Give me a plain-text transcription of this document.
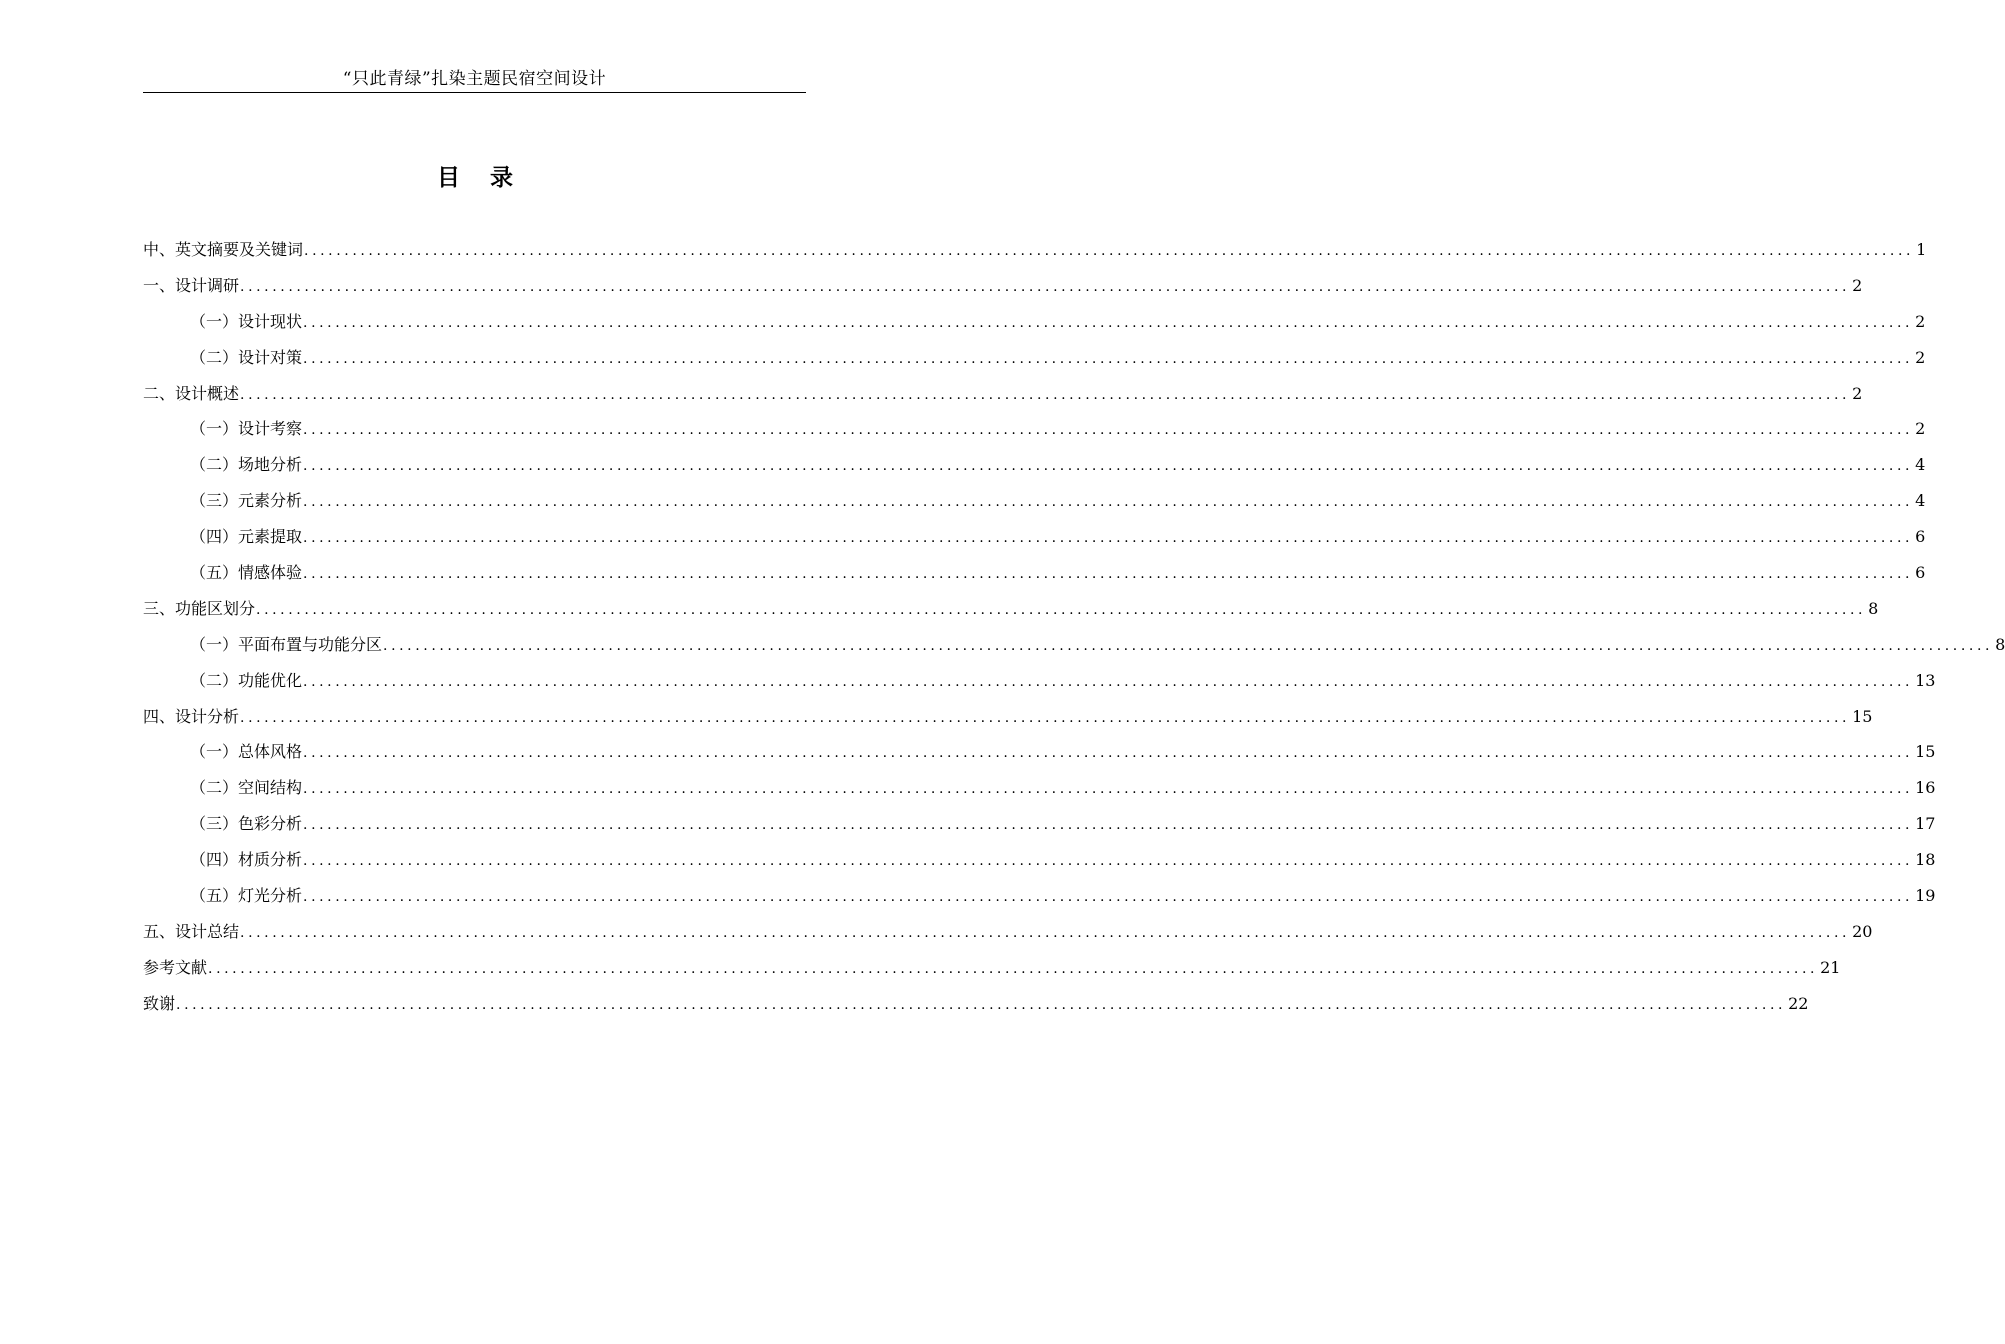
“只此青绿”扎染主题民宿空间设计
目录
中、英文摘要及关键词 ........................................................................................................................................................................................................ 1
一、设计调研 ........................................................................................................................................................................................................ 2
（一）设计现状 ........................................................................................................................................................................................................ 2
（二）设计对策 ........................................................................................................................................................................................................ 2
二、设计概述 ........................................................................................................................................................................................................ 2
（一）设计考察 ........................................................................................................................................................................................................ 2
（二）场地分析 ........................................................................................................................................................................................................ 4
（三）元素分析 ........................................................................................................................................................................................................ 4
（四）元素提取 ........................................................................................................................................................................................................ 6
（五）情感体验 ........................................................................................................................................................................................................ 6
三、功能区划分 ........................................................................................................................................................................................................ 8
（一）平面布置与功能分区 ........................................................................................................................................................................................................ 8
（二）功能优化 ........................................................................................................................................................................................................ 13
四、设计分析 ........................................................................................................................................................................................................ 15
（一）总体风格 ........................................................................................................................................................................................................ 15
（二）空间结构 ........................................................................................................................................................................................................ 16
（三）色彩分析 ........................................................................................................................................................................................................ 17
（四）材质分析 ........................................................................................................................................................................................................ 18
（五）灯光分析 ........................................................................................................................................................................................................ 19
五、设计总结 ........................................................................................................................................................................................................ 20
参考文献 ........................................................................................................................................................................................................ 21
致谢 ........................................................................................................................................................................................................ 22
